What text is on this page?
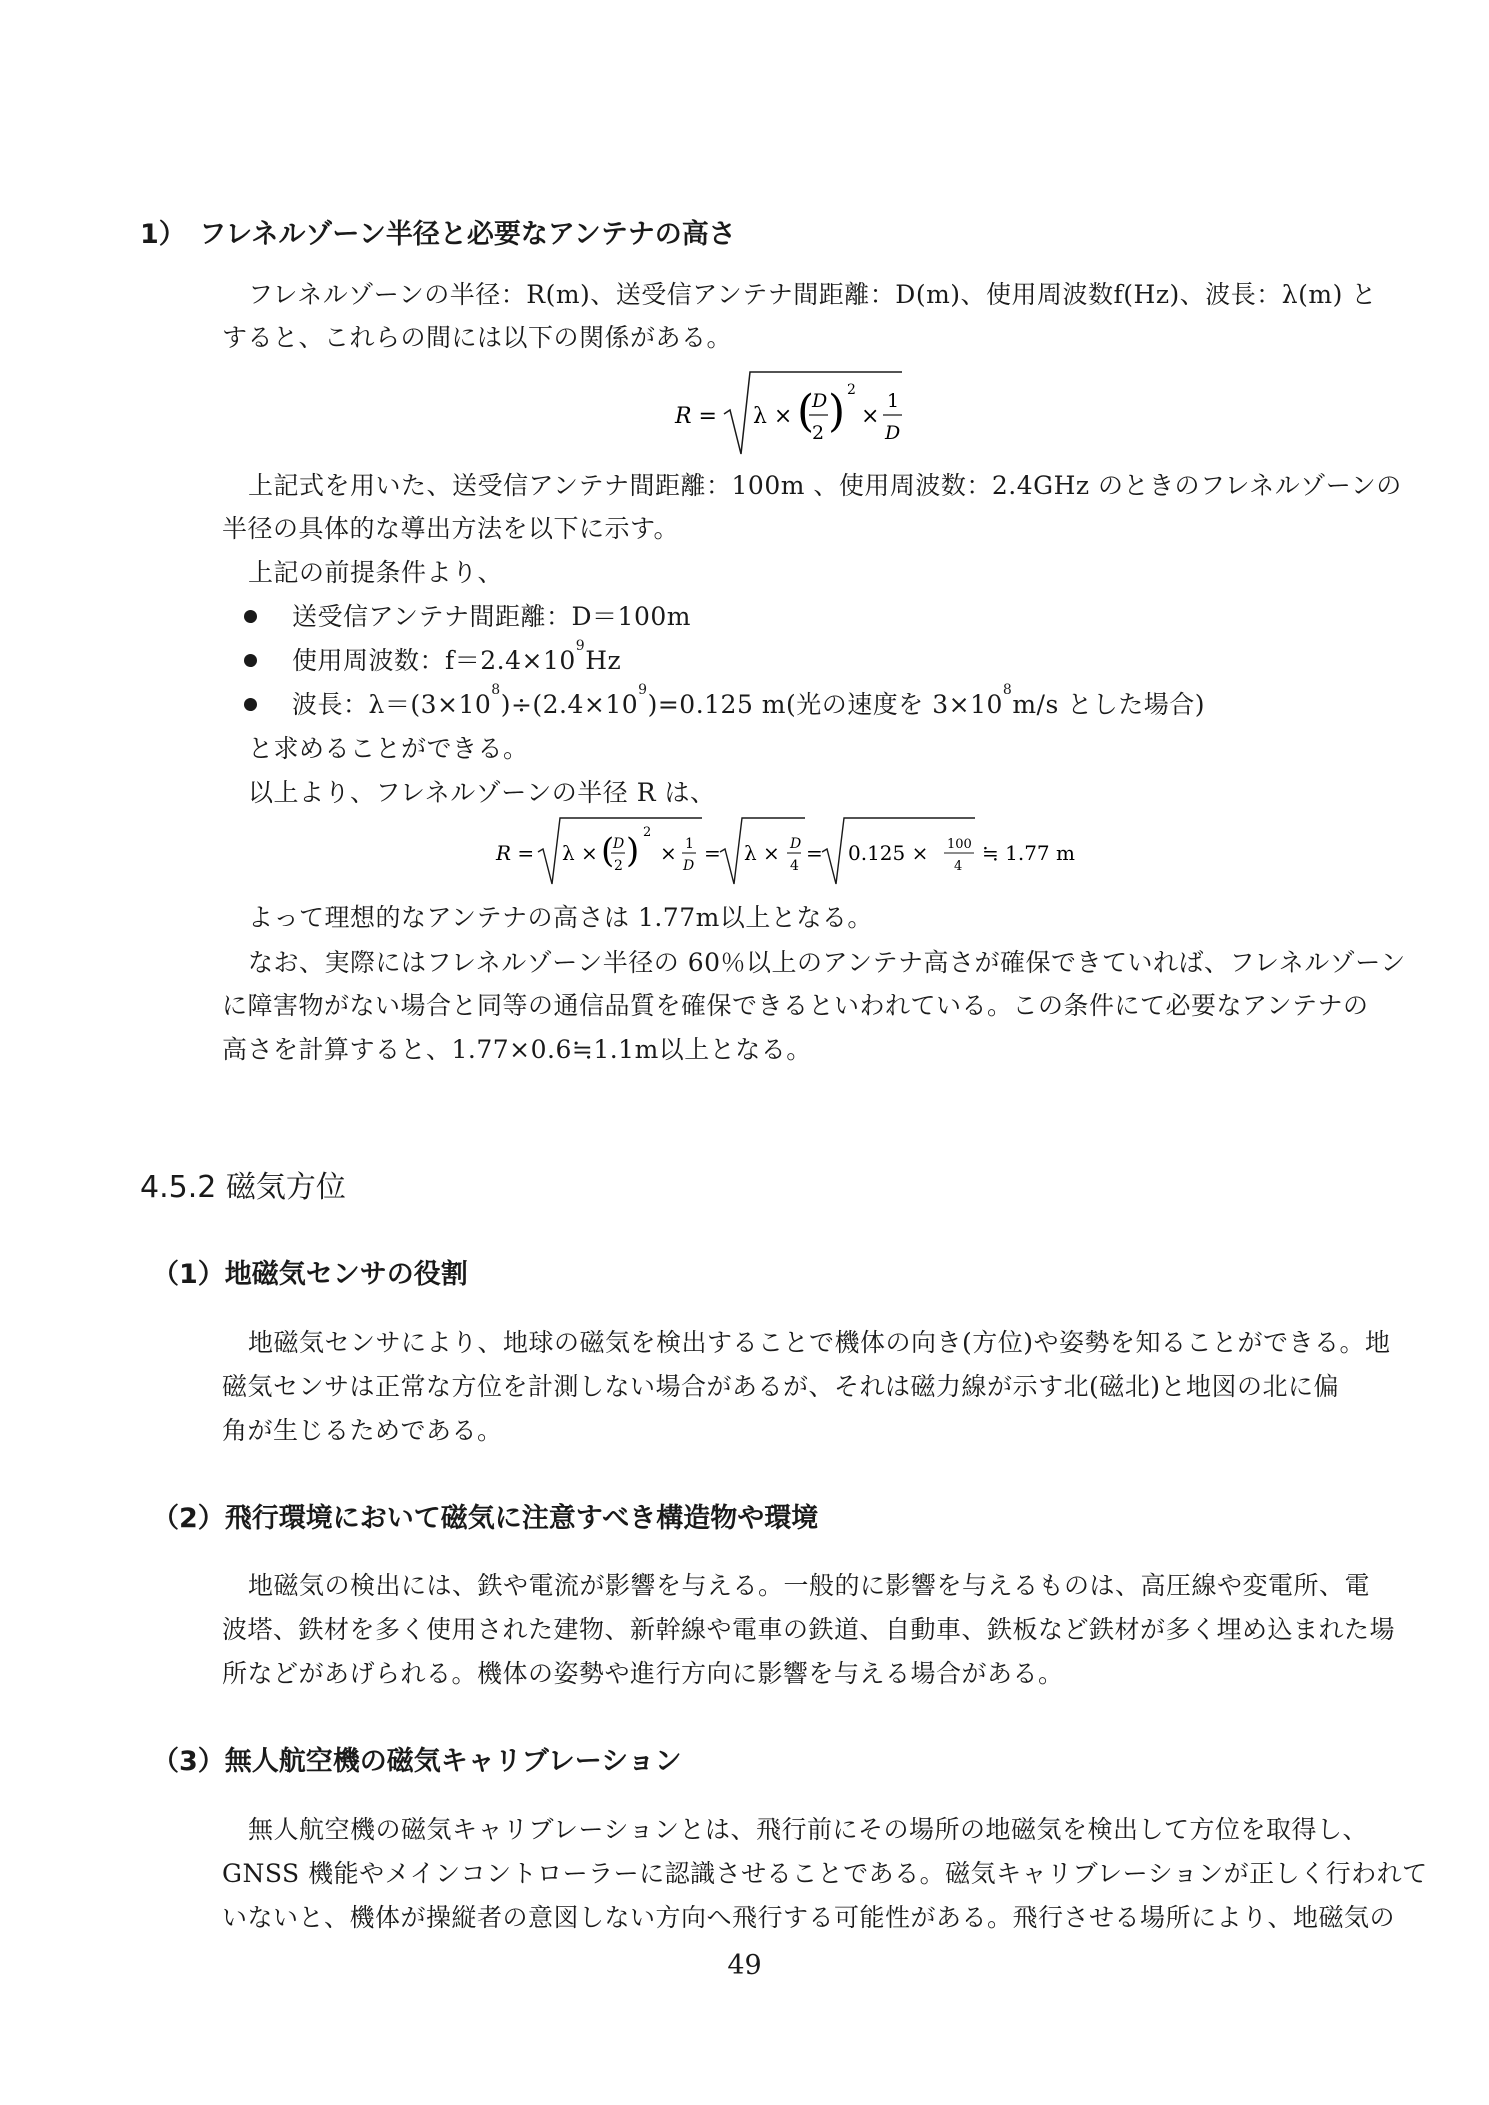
1）　フレネルゾーン半径と必要なアンテナの高さ
フレネルゾーンの半径：R(m)、送受信アンテナ間距離：D(m)、使用周波数f(Hz)、波長：λ(m) と
すると、これらの間には以下の関係がある。
R = λ × (
D
2 ) 2
×
1
D
上記式を用いた、送受信アンテナ間距離：100m 、使用周波数：2.4GHz のときのフレネルゾーンの
半径の具体的な導出方法を以下に示す。
上記の前提条件より、
送受信アンテナ間距離：D＝100m
使用周波数：$f=2.4\times 10^9Hz$
波長：$\lambda=(3\times 10^8)\div(2.4\times 10^9)=0.125$ m(光の速度を $3\times 10^8m/s$ とした場合)
と求めることができる。
以上より、フレネルゾーンの半径 R は、
R = λ × (
D
2 ) 2
× 1
D
= λ × D
4
= 0.125 × 100
4
≒ 1.77 m
よって理想的なアンテナの高さは 1.77m以上となる。
なお、実際にはフレネルゾーン半径の 60％以上のアンテナ高さが確保できていれば、フレネルゾーン
に障害物がない場合と同等の通信品質を確保できるといわれている。この条件にて必要なアンテナの
高さを計算すると、1.77×0.6≒1.1m以上となる。
4.5.2 磁気方位
（1）地磁気センサの役割
地磁気センサにより、地球の磁気を検出することで機体の向き(方位)や姿勢を知ることができる。地
磁気センサは正常な方位を計測しない場合があるが、それは磁力線が示す北(磁北)と地図の北に偏
角が生じるためである。
（2）飛行環境において磁気に注意すべき構造物や環境
地磁気の検出には、鉄や電流が影響を与える。一般的に影響を与えるものは、高圧線や変電所、電
波塔、鉄材を多く使用された建物、新幹線や電車の鉄道、自動車、鉄板など鉄材が多く埋め込まれた場
所などがあげられる。機体の姿勢や進行方向に影響を与える場合がある。
（3）無人航空機の磁気キャリブレーション
無人航空機の磁気キャリブレーションとは、飛行前にその場所の地磁気を検出して方位を取得し、
GNSS 機能やメインコントローラーに認識させることである。磁気キャリブレーションが正しく行われて
いないと、機体が操縦者の意図しない方向へ飛行する可能性がある。飛行させる場所により、地磁気の
49
